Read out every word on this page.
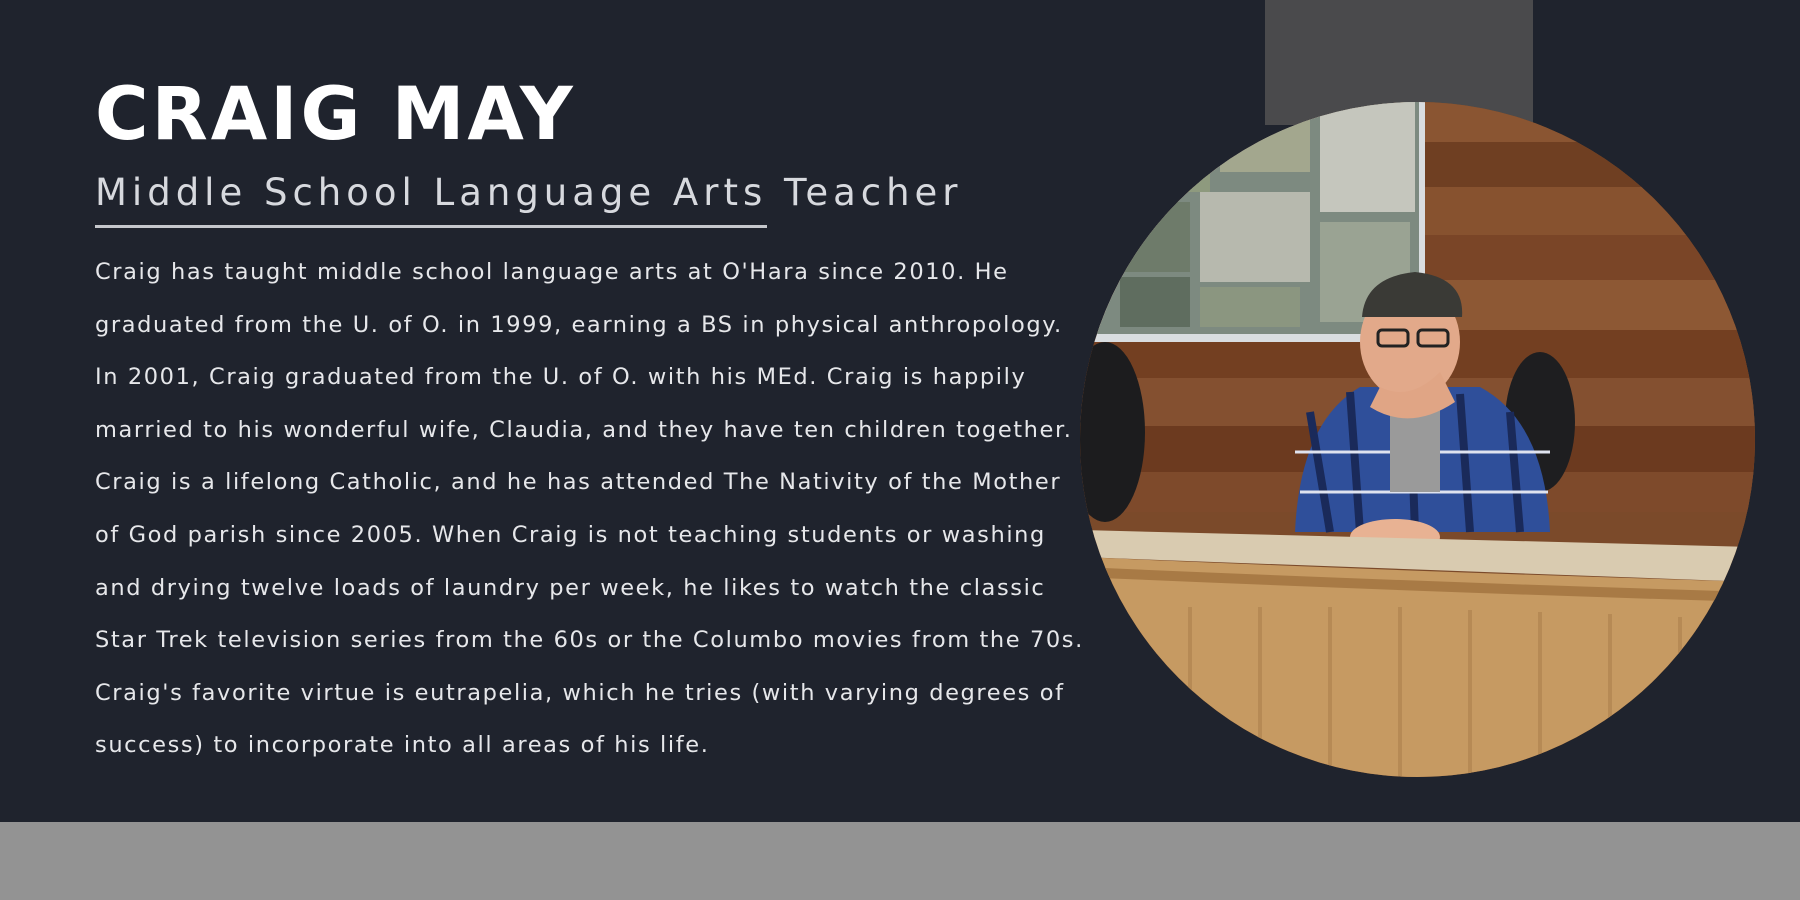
CRAIG MAY
Middle School Language Arts Teacher

Craig has taught middle school language arts at O'Hara since 2010. He graduated from the U. of O. in 1999, earning a BS in physical anthropology. In 2001, Craig graduated from the U. of O. with his MEd. Craig is happily married to his wonderful wife, Claudia, and they have ten children together. Craig is a lifelong Catholic, and he has attended The Nativity of the Mother of God parish since 2005. When Craig is not teaching students or washing and drying twelve loads of laundry per week, he likes to watch the classic Star Trek television series from the 60s or the Columbo movies from the 70s. Craig's favorite virtue is eutrapelia, which he tries (with varying degrees of success) to incorporate into all areas of his life.
